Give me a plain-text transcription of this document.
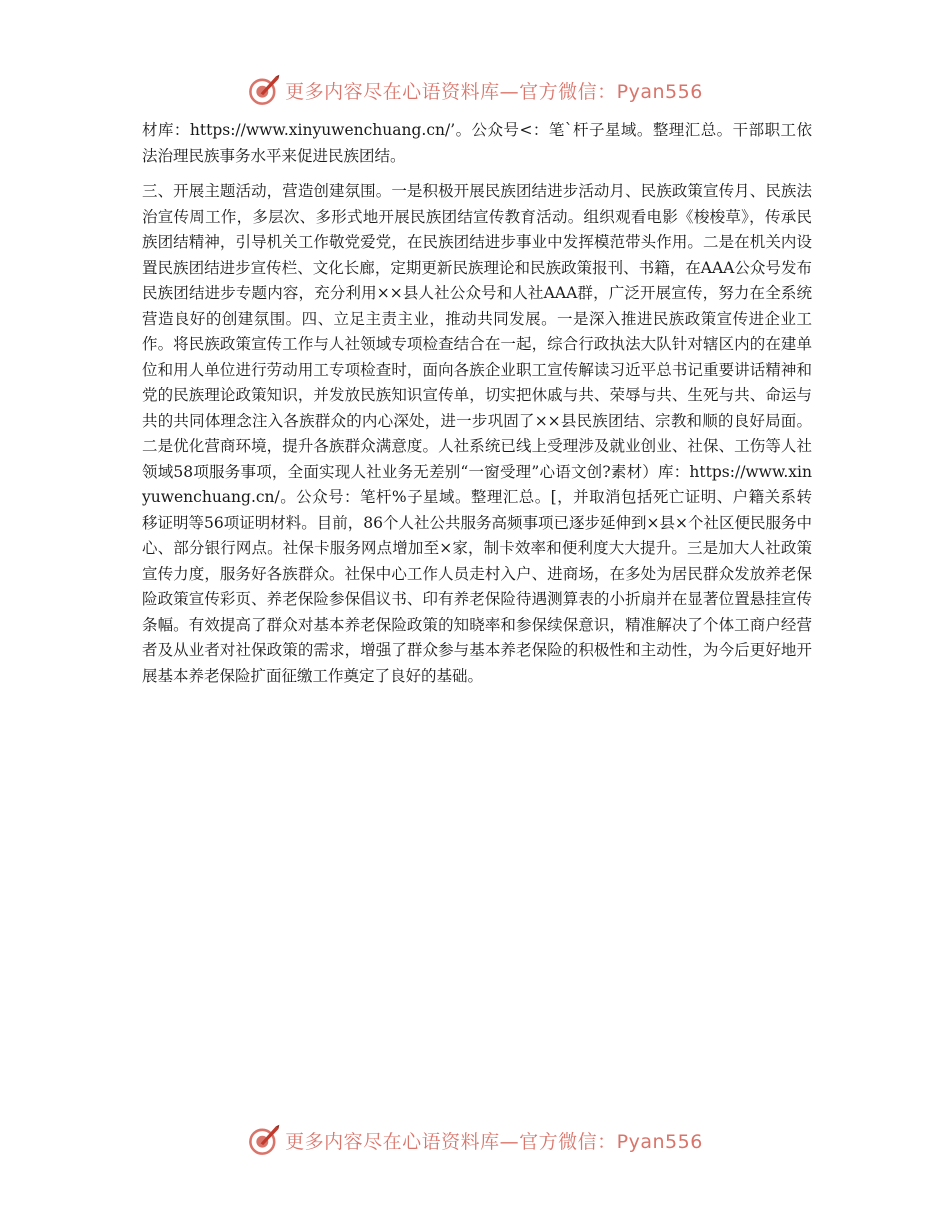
更多内容尽在心语资料库—官方微信：Pyan556

材库：https://www.xinyuwenchuang.cn/’。公众号<：笔`杆子星域。整理汇总。干部职工依法治理民族事务水平来促进民族团结。

三、开展主题活动，营造创建氛围。一是积极开展民族团结进步活动月、民族政策宣传月、民族法治宣传周工作，多层次、多形式地开展民族团结宣传教育活动。组织观看电影《梭梭草》，传承民族团结精神，引导机关工作敬党爱党，在民族团结进步事业中发挥模范带头作用。二是在机关内设置民族团结进步宣传栏、文化长廊，定期更新民族理论和民族政策报刊、书籍，在AAA公众号发布民族团结进步专题内容，充分利用××县人社公众号和人社AAA群，广泛开展宣传，努力在全系统营造良好的创建氛围。四、立足主责主业，推动共同发展。一是深入推进民族政策宣传进企业工作。将民族政策宣传工作与人社领域专项检查结合在一起，综合行政执法大队针对辖区内的在建单位和用人单位进行劳动用工专项检查时，面向各族企业职工宣传解读习近平总书记重要讲话精神和党的民族理论政策知识，并发放民族知识宣传单，切实把休戚与共、荣辱与共、生死与共、命运与共的共同体理念注入各族群众的内心深处，进一步巩固了××县民族团结、宗教和顺的良好局面。二是优化营商环境，提升各族群众满意度。人社系统已线上受理涉及就业创业、社保、工伤等人社领域58项服务事项，全面实现人社业务无差别“一窗受理”心语文创?素材）库：https://www.xinyuwenchuang.cn/。公众号：笔杆%子星域。整理汇总。[，并取消包括死亡证明、户籍关系转移证明等56项证明材料。目前，86个人社公共服务高频事项已逐步延伸到×县×个社区便民服务中心、部分银行网点。社保卡服务网点增加至×家，制卡效率和便利度大大提升。三是加大人社政策宣传力度，服务好各族群众。社保中心工作人员走村入户、进商场，在多处为居民群众发放养老保险政策宣传彩页、养老保险参保倡议书、印有养老保险待遇测算表的小折扇并在显著位置悬挂宣传条幅。有效提高了群众对基本养老保险政策的知晓率和参保续保意识，精准解决了个体工商户经营者及从业者对社保政策的需求，增强了群众参与基本养老保险的积极性和主动性，为今后更好地开展基本养老保险扩面征缴工作奠定了良好的基础。

更多内容尽在心语资料库—官方微信：Pyan556
